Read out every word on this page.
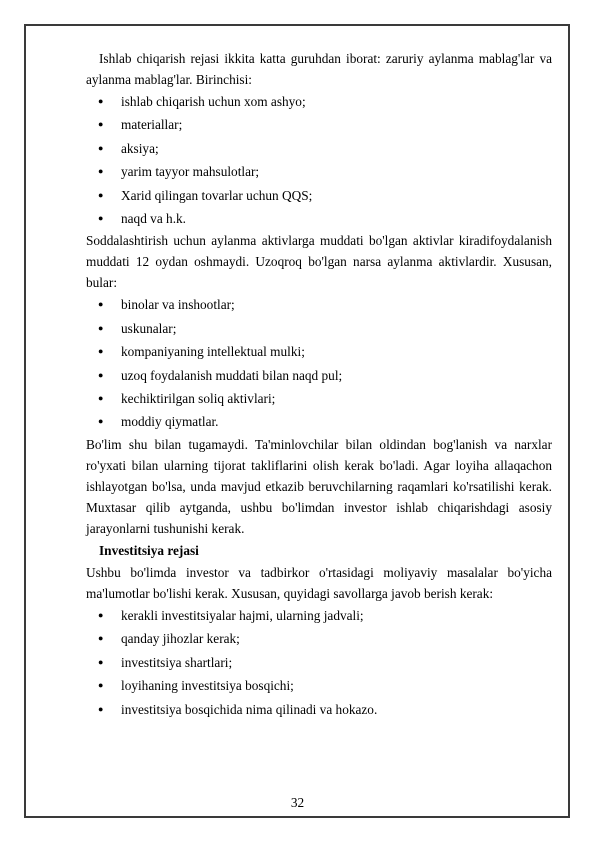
Ishlab chiqarish rejasi ikkita katta guruhdan iborat: zaruriy aylanma mablag'lar va aylanma mablag'lar. Birinchisi:

● ishlab chiqarish uchun xom ashyo;
● materiallar;
● aksiya;
● yarim tayyor mahsulotlar;
● Xarid qilingan tovarlar uchun QQS;
● naqd va h.k.

Soddalashtirish uchun aylanma aktivlarga muddati bo'lgan aktivlar kiradifoydalanish muddati 12 oydan oshmaydi. Uzoqroq bo'lgan narsa aylanma aktivlardir. Xususan, bular:

● binolar va inshootlar;
● uskunalar;
● kompaniyaning intellektual mulki;
● uzoq foydalanish muddati bilan naqd pul;
● kechiktirilgan soliq aktivlari;
● moddiy qiymatlar.

Bo'lim shu bilan tugamaydi. Ta'minlovchilar bilan oldindan bog'lanish va narxlar ro'yxati bilan ularning tijorat takliflarini olish kerak bo'ladi. Agar loyiha allaqachon ishlayotgan bo'lsa, unda mavjud etkazib beruvchilarning raqamlari ko'rsatilishi kerak. Muxtasar qilib aytganda, ushbu bo'limdan investor ishlab chiqarishdagi asosiy jarayonlarni tushunishi kerak.

Investitsiya rejasi

Ushbu bo'limda investor va tadbirkor o'rtasidagi moliyaviy masalalar bo'yicha ma'lumotlar bo'lishi kerak. Xususan, quyidagi savollarga javob berish kerak:

● kerakli investitsiyalar hajmi, ularning jadvali;
● qanday jihozlar kerak;
● investitsiya shartlari;
● loyihaning investitsiya bosqichi;
● investitsiya bosqichida nima qilinadi va hokazo.
32
